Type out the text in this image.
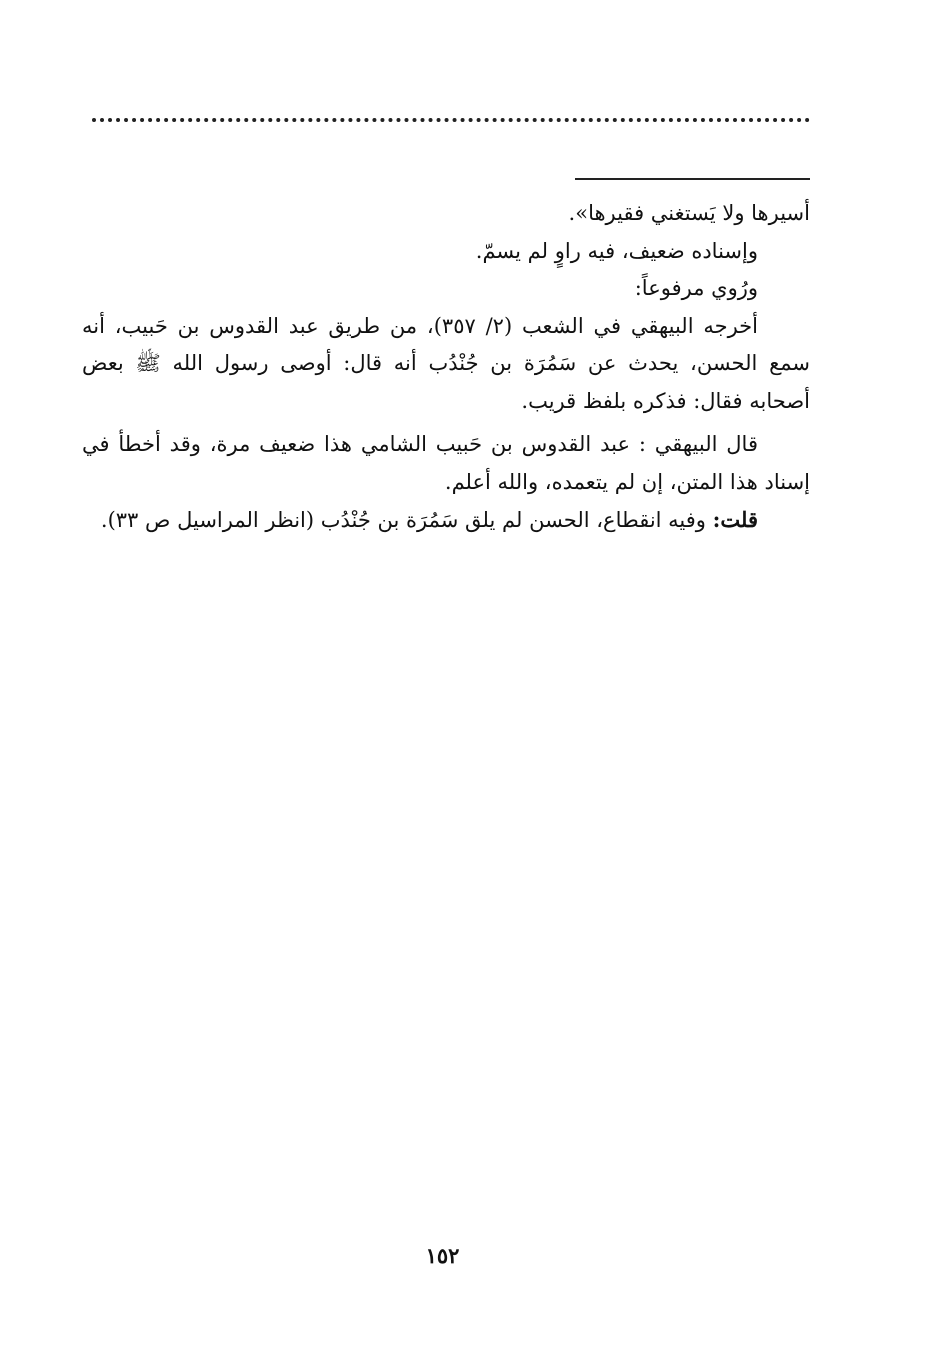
أسيرها ولا يَستغني فقيرها».

وإسناده ضعيف، فيه راوٍ لم يسمّ.

ورُوي مرفوعاً:

أخرجه البيهقي في الشعب (٢/ ٣٥٧)، من طريق عبد القدوس بن حَبيب، أنه سمع الحسن، يحدث عن سَمُرَة بن جُنْدُب أنه قال: أوصى رسول الله ﷺ بعض أصحابه فقال: فذكره بلفظ قريب.

قال البيهقي : عبد القدوس بن حَبيب الشامي هذا ضعيف مرة، وقد أخطأ في إسناد هذا المتن، إن لم يتعمده، والله أعلم.

قلت: وفيه انقطاع، الحسن لم يلق سَمُرَة بن جُنْدُب (انظر المراسيل ص ٣٣).

١٥٢
